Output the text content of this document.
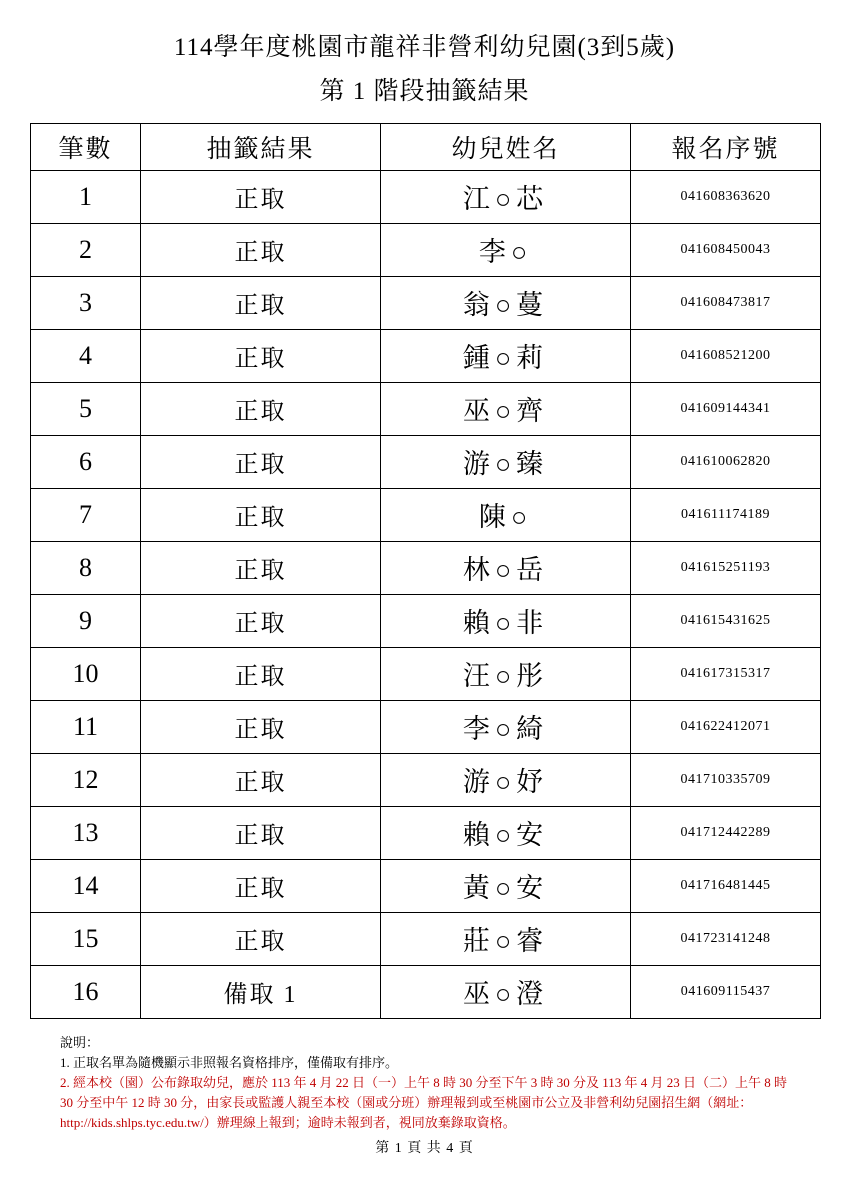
114學年度桃園市龍祥非營利幼兒園(3到5歲)
第 1 階段抽籤結果
筆數	抽籤結果	幼兒姓名	報名序號
1	正取	江○芯	041608363620
2	正取	李○	041608450043
3	正取	翁○蔓	041608473817
4	正取	鍾○莉	041608521200
5	正取	巫○齊	041609144341
6	正取	游○臻	041610062820
7	正取	陳○	041611174189
8	正取	林○岳	041615251193
9	正取	賴○非	041615431625
10	正取	汪○彤	041617315317
11	正取	李○綺	041622412071
12	正取	游○妤	041710335709
13	正取	賴○安	041712442289
14	正取	黃○安	041716481445
15	正取	莊○睿	041723141248
16	備取 1	巫○澄	041609115437
說明：
1. 正取名單為隨機顯示非照報名資格排序，僅備取有排序。
2. 經本校（園）公布錄取幼兒，應於 113 年 4 月 22 日（一）上午 8 時 30 分至下午 3 時 30 分及 113 年 4 月 23 日（二）上午 8 時 30 分至中午 12 時 30 分，由家長或監護人親至本校（園或分班）辦理報到或至桃園市公立及非營利幼兒園招生網（網址：http://kids.shlps.tyc.edu.tw/）辦理線上報到；逾時未報到者，視同放棄錄取資格。
第 1 頁 共 4 頁
